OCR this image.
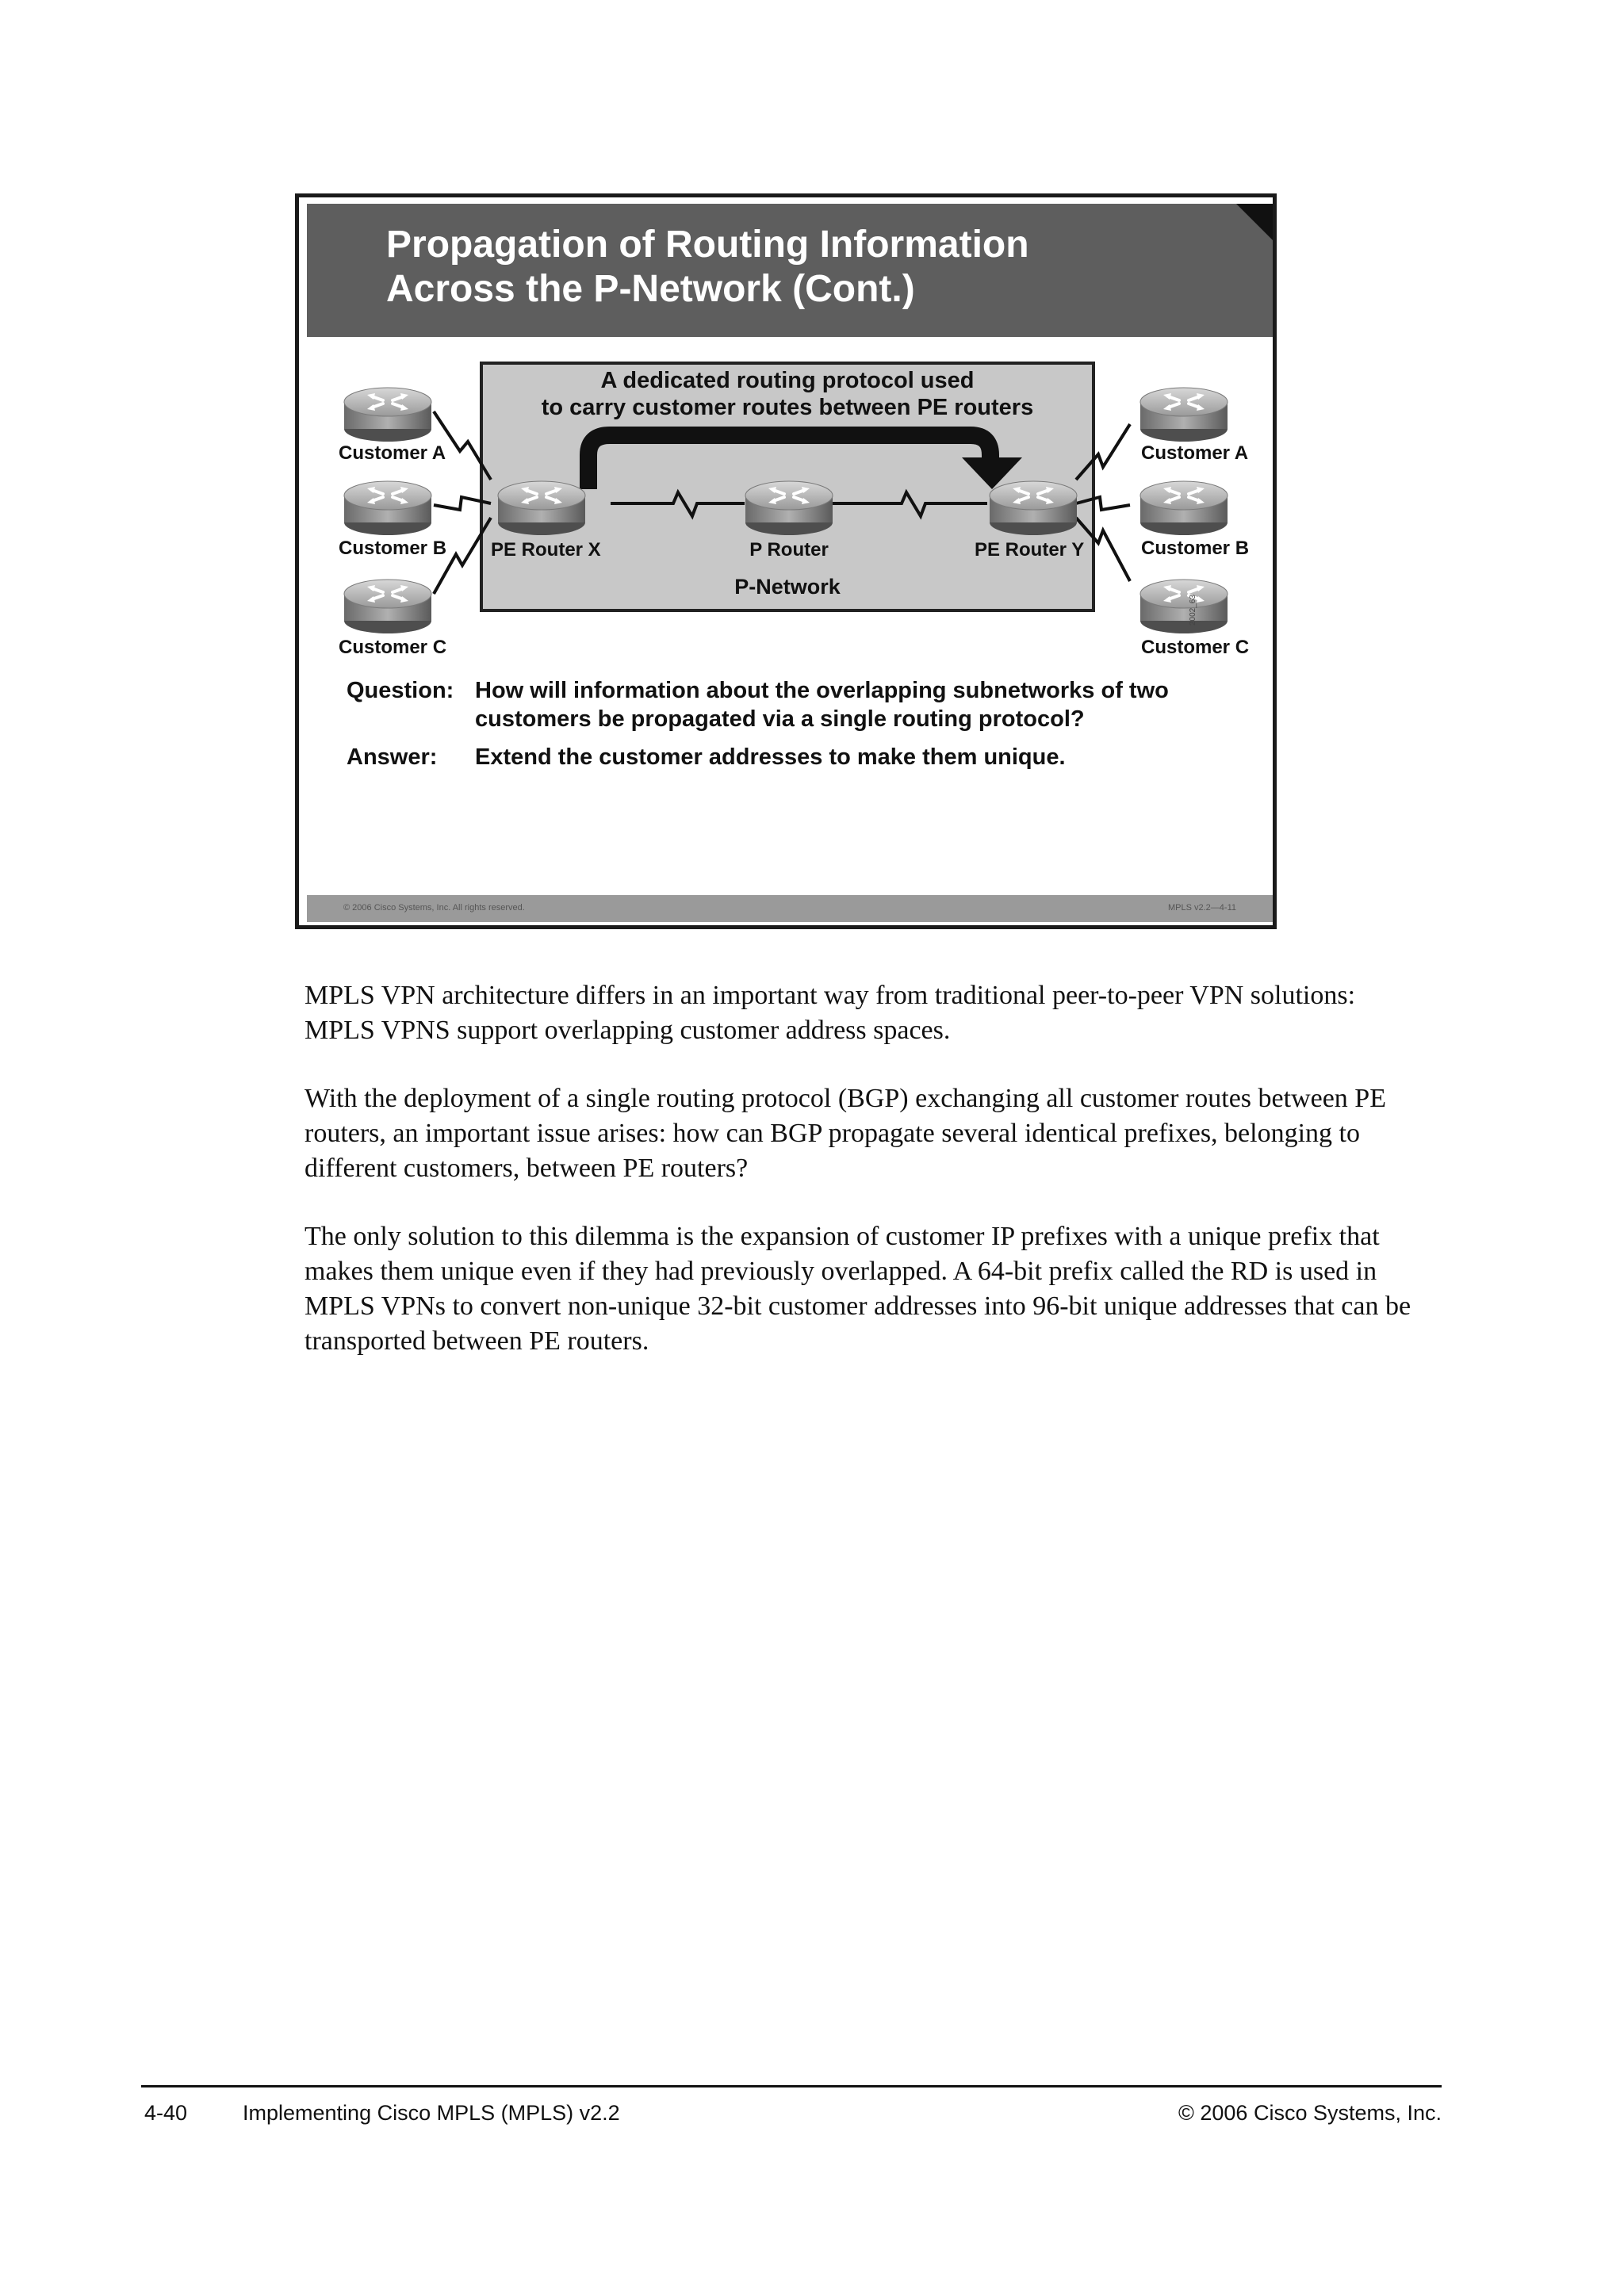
Propagation of Routing Information
Across the P-Network (Cont.)
A dedicated routing protocol used
to carry customer routes between PE routers
Customer A
Customer B
Customer C
PE Router X	P Router	PE Router Y
P-Network
Customer A
Customer B
Customer C
2002_63
Question: How will information about the overlapping subnetworks of two customers be propagated via a single routing protocol?
Answer:	Extend the customer addresses to make them unique.
© 2006 Cisco Systems, Inc. All rights reserved.	MPLS v2.2—4-11

MPLS VPN architecture differs in an important way from traditional peer-to-peer VPN solutions: MPLS VPNS support overlapping customer address spaces.

With the deployment of a single routing protocol (BGP) exchanging all customer routes between PE routers, an important issue arises: how can BGP propagate several identical prefixes, belonging to different customers, between PE routers?

The only solution to this dilemma is the expansion of customer IP prefixes with a unique prefix that makes them unique even if they had previously overlapped. A 64-bit prefix called the RD is used in MPLS VPNs to convert non-unique 32-bit customer addresses into 96-bit unique addresses that can be transported between PE routers.

4-40	Implementing Cisco MPLS (MPLS) v2.2	© 2006 Cisco Systems, Inc.
